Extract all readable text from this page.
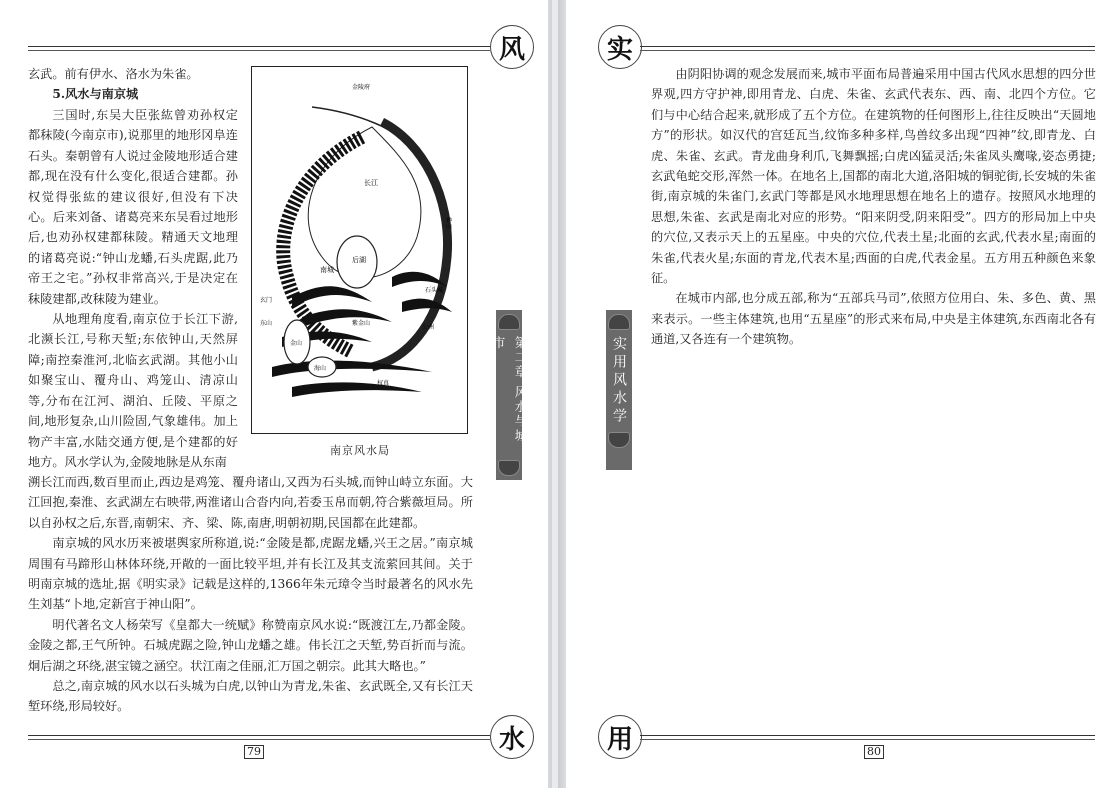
风

玄武。前有伊水、洛水为朱雀。

5.风水与南京城

三国时,东吴大臣张紘曾劝孙权定都秣陵(今南京市),说那里的地形冈阜连石头。秦朝曾有人说过金陵地形适合建都,现在没有什么变化,很适合建都。孙权觉得张紘的建议很好,但没有下决心。后来刘备、诸葛亮来东吴看过地形后,也劝孙权建都秣陵。精通天文地理的诸葛亮说:“钟山龙蟠,石头虎踞,此乃帝王之宅。”孙权非常高兴,于是决定在秣陵建都,改秣陵为建业。

从地理角度看,南京位于长江下游,北濒长江,号称天堑;东依钟山,天然屏障;南控秦淮河,北临玄武湖。其他小山如聚宝山、覆舟山、鸡笼山、清凉山等,分布在江河、湖泊、丘陵、平原之间,地形复杂,山川险固,气象雄伟。加上物产丰富,水陆交通方便,是个建都的好地方。风水学认为,金陵地脉是从东南

溯长江而西,数百里而止,西边是鸡笼、覆舟诸山,又西为石头城,而钟山峙立东面。大江回抱,秦淮、玄武湖左右映带,两淮诸山合沓内向,若委玉帛而朝,符合紫薇垣局。所以自孙权之后,东晋,南朝宋、齐、梁、陈,南唐,明朝初期,民国都在此建都。

南京城的风水历来被堪舆家所称道,说:“金陵是都,虎踞龙蟠,兴王之居。”南京城周围有马蹄形山林体环绕,开敞的一面比较平坦,并有长江及其支流萦回其间。关于明南京城的选址,据《明实录》记载是这样的,1366年朱元璋令当时最著名的风水先生刘基“卜地,定新宫于神山阳”。

明代著名文人杨荣写《皇都大一统赋》称赞南京风水说:“既渡江左,乃都金陵。金陵之都,王气所钟。石城虎踞之险,钟山龙蟠之雄。伟长江之天堑,势百折而与流。炯后湖之环绕,湛宝镜之涵空。状江南之佳丽,汇万国之朝宗。此其大略也。”

总之,南京城的风水以石头城为白虎,以钟山为青龙,朱雀、玄武既全,又有长江天堑环绕,形局较好。

金陵府
长江
后湖
南城
石头城
紫金山
金山
海山
公洲
权真
玄门
东山
钟山
南京风水局
第二章 风水与城市
水
79
实
实用风水学

由阴阳协调的观念发展而来,城市平面布局普遍采用中国古代风水思想的四分世界观,四方守护神,即用青龙、白虎、朱雀、玄武代表东、西、南、北四个方位。它们与中心结合起来,就形成了五个方位。在建筑物的任何图形上,往往反映出“天圆地方”的形状。如汉代的宫廷瓦当,纹饰多种多样,鸟兽纹多出现“四神”纹,即青龙、白虎、朱雀、玄武。青龙曲身利爪,飞舞飘摇;白虎凶猛灵活;朱雀凤头鹰喙,姿态勇捷;玄武龟蛇交形,浑然一体。在地名上,国都的南北大道,洛阳城的铜驼街,长安城的朱雀街,南京城的朱雀门,玄武门等都是风水地理思想在地名上的遗存。按照风水地理的思想,朱雀、玄武是南北对应的形势。“阳来阴受,阴来阳受”。四方的形局加上中央的穴位,又表示天上的五星座。中央的穴位,代表土星;北面的玄武,代表水星;南面的朱雀,代表火星;东面的青龙,代表木星;西面的白虎,代表金星。五方用五种颜色来象征。

在城市内部,也分成五部,称为“五部兵马司”,依照方位用白、朱、多色、黄、黑来表示。一些主体建筑,也用“五星座”的形式来布局,中央是主体建筑,东西南北各有通道,又各连有一个建筑物。

用	80
